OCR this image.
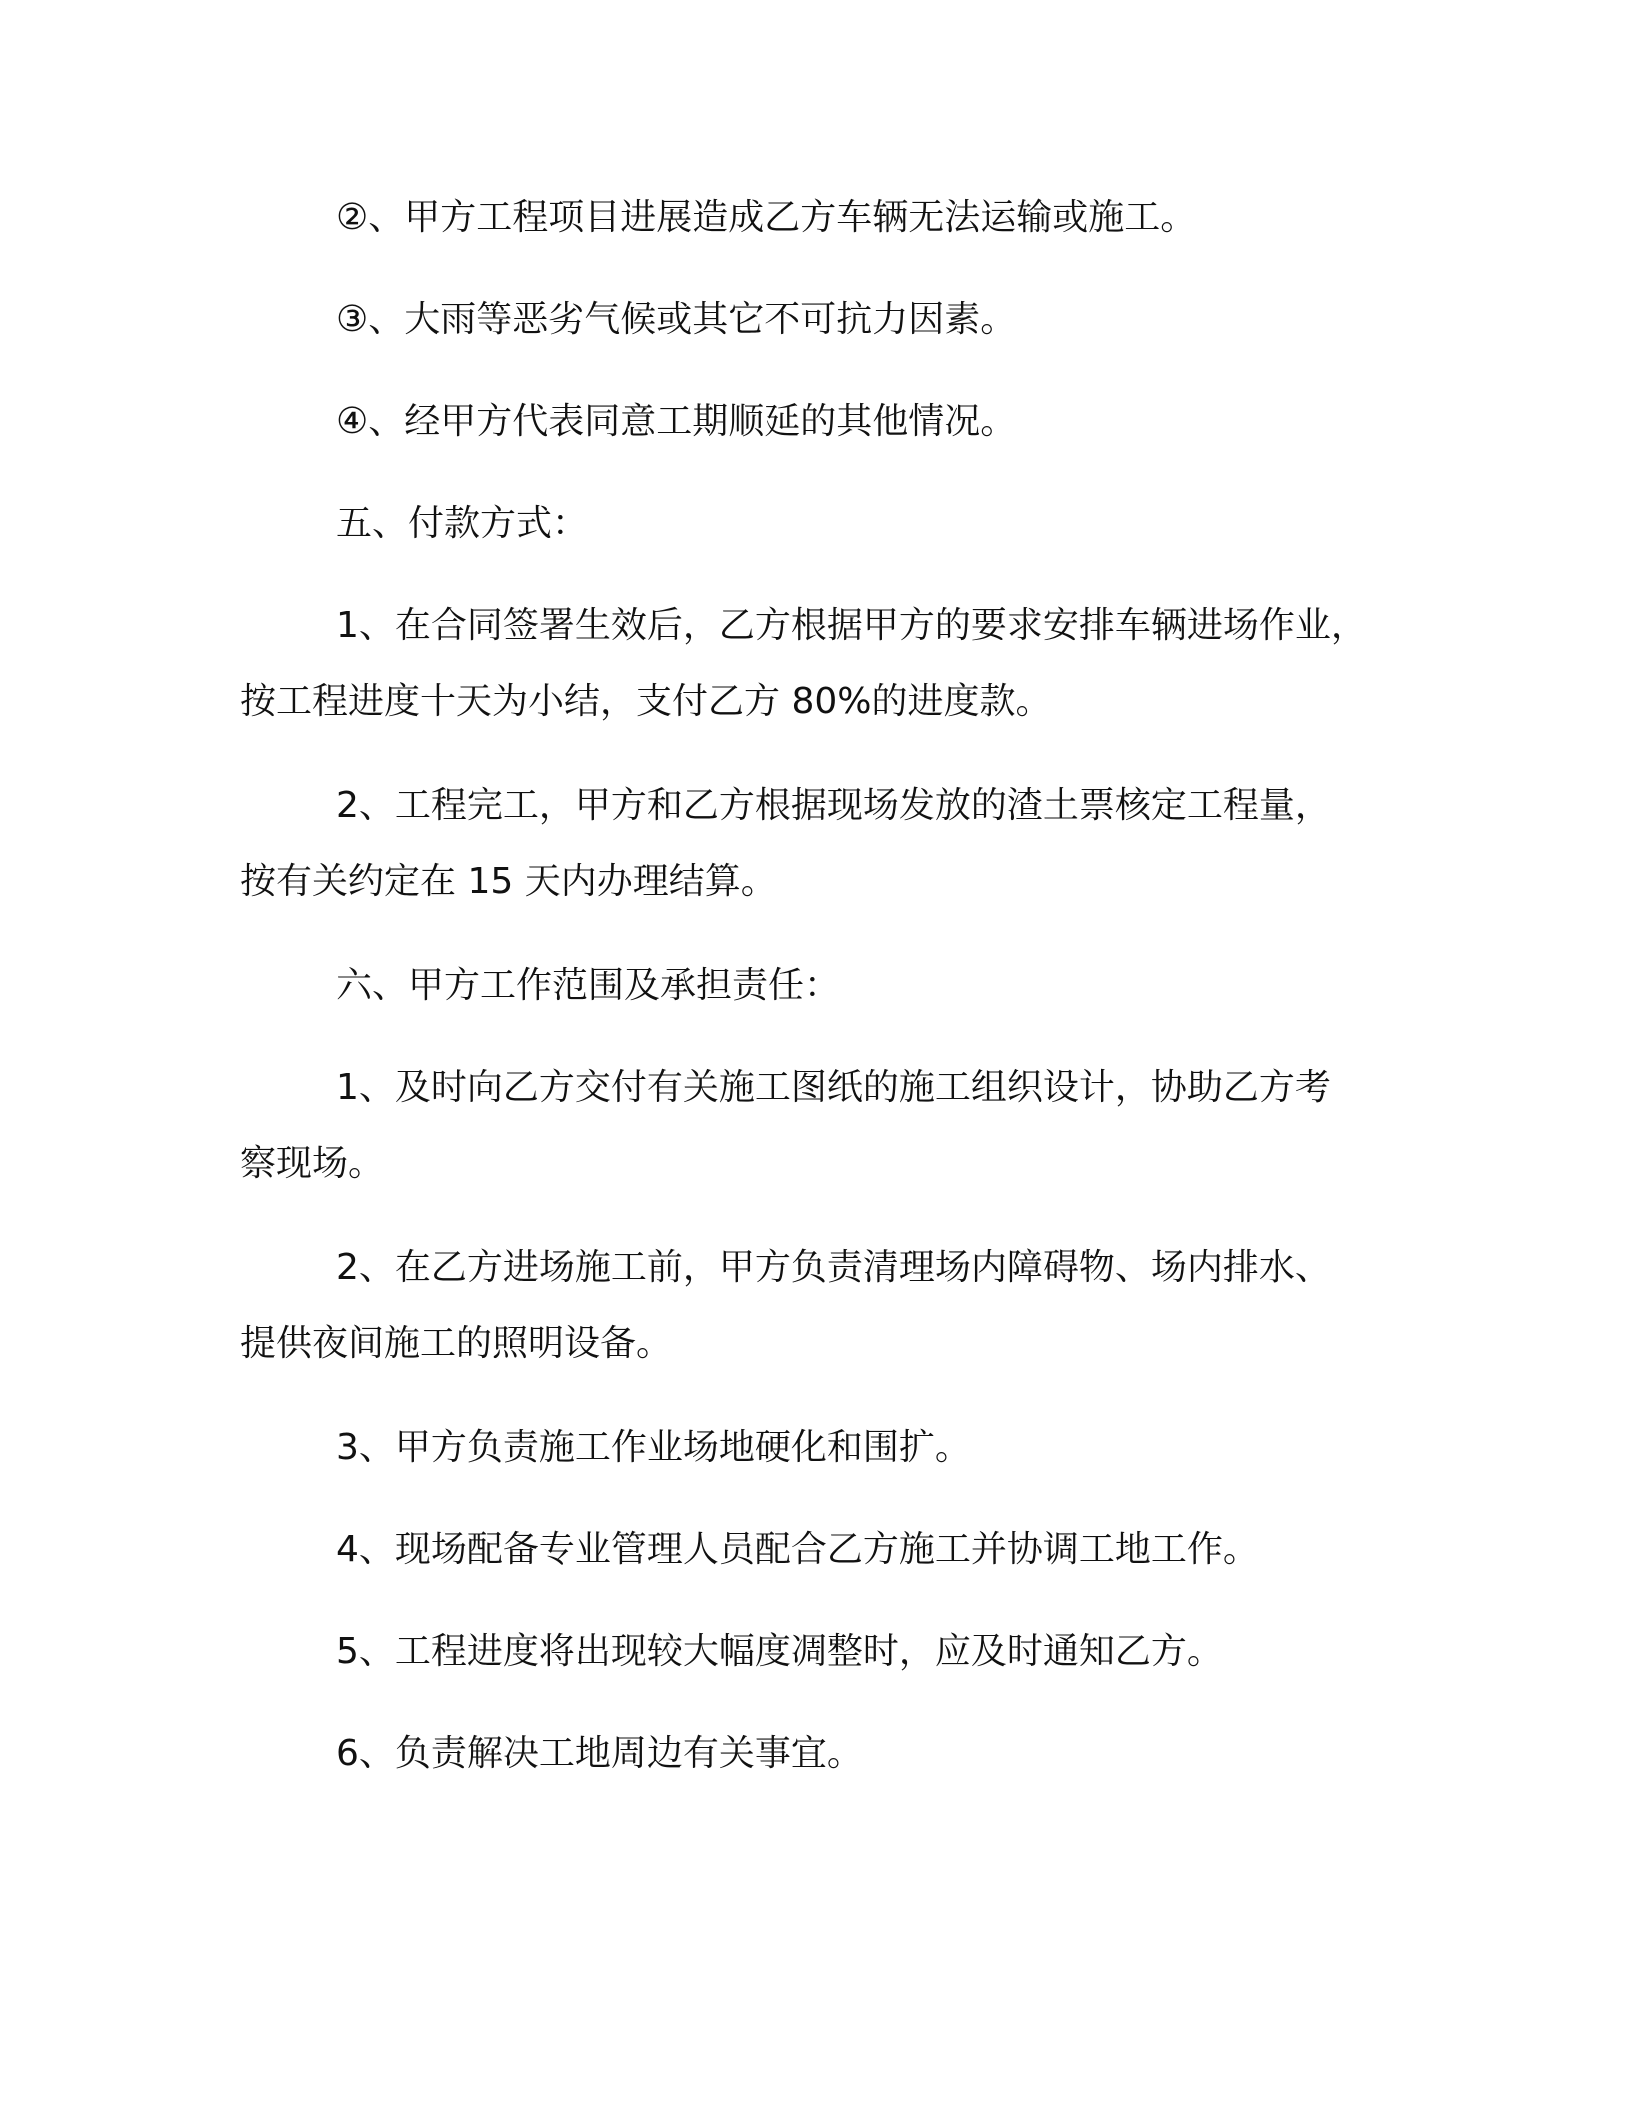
②、甲方工程项目进展造成乙方车辆无法运输或施工。

③、大雨等恶劣气候或其它不可抗力因素。

④、经甲方代表同意工期顺延的其他情况。

五、付款方式：

1、在合同签署生效后，乙方根据甲方的要求安排车辆进场作业，
按工程进度十天为小结，支付乙方 80%的进度款。

2、工程完工，甲方和乙方根据现场发放的渣土票核定工程量，
按有关约定在 15 天内办理结算。

六、甲方工作范围及承担责任：

1、及时向乙方交付有关施工图纸的施工组织设计，协助乙方考
察现场。

2、在乙方进场施工前，甲方负责清理场内障碍物、场内排水、
提供夜间施工的照明设备。

3、甲方负责施工作业场地硬化和围扩。

4、现场配备专业管理人员配合乙方施工并协调工地工作。

5、工程进度将出现较大幅度凋整时，应及时通知乙方。

6、负责解决工地周边有关事宜。
